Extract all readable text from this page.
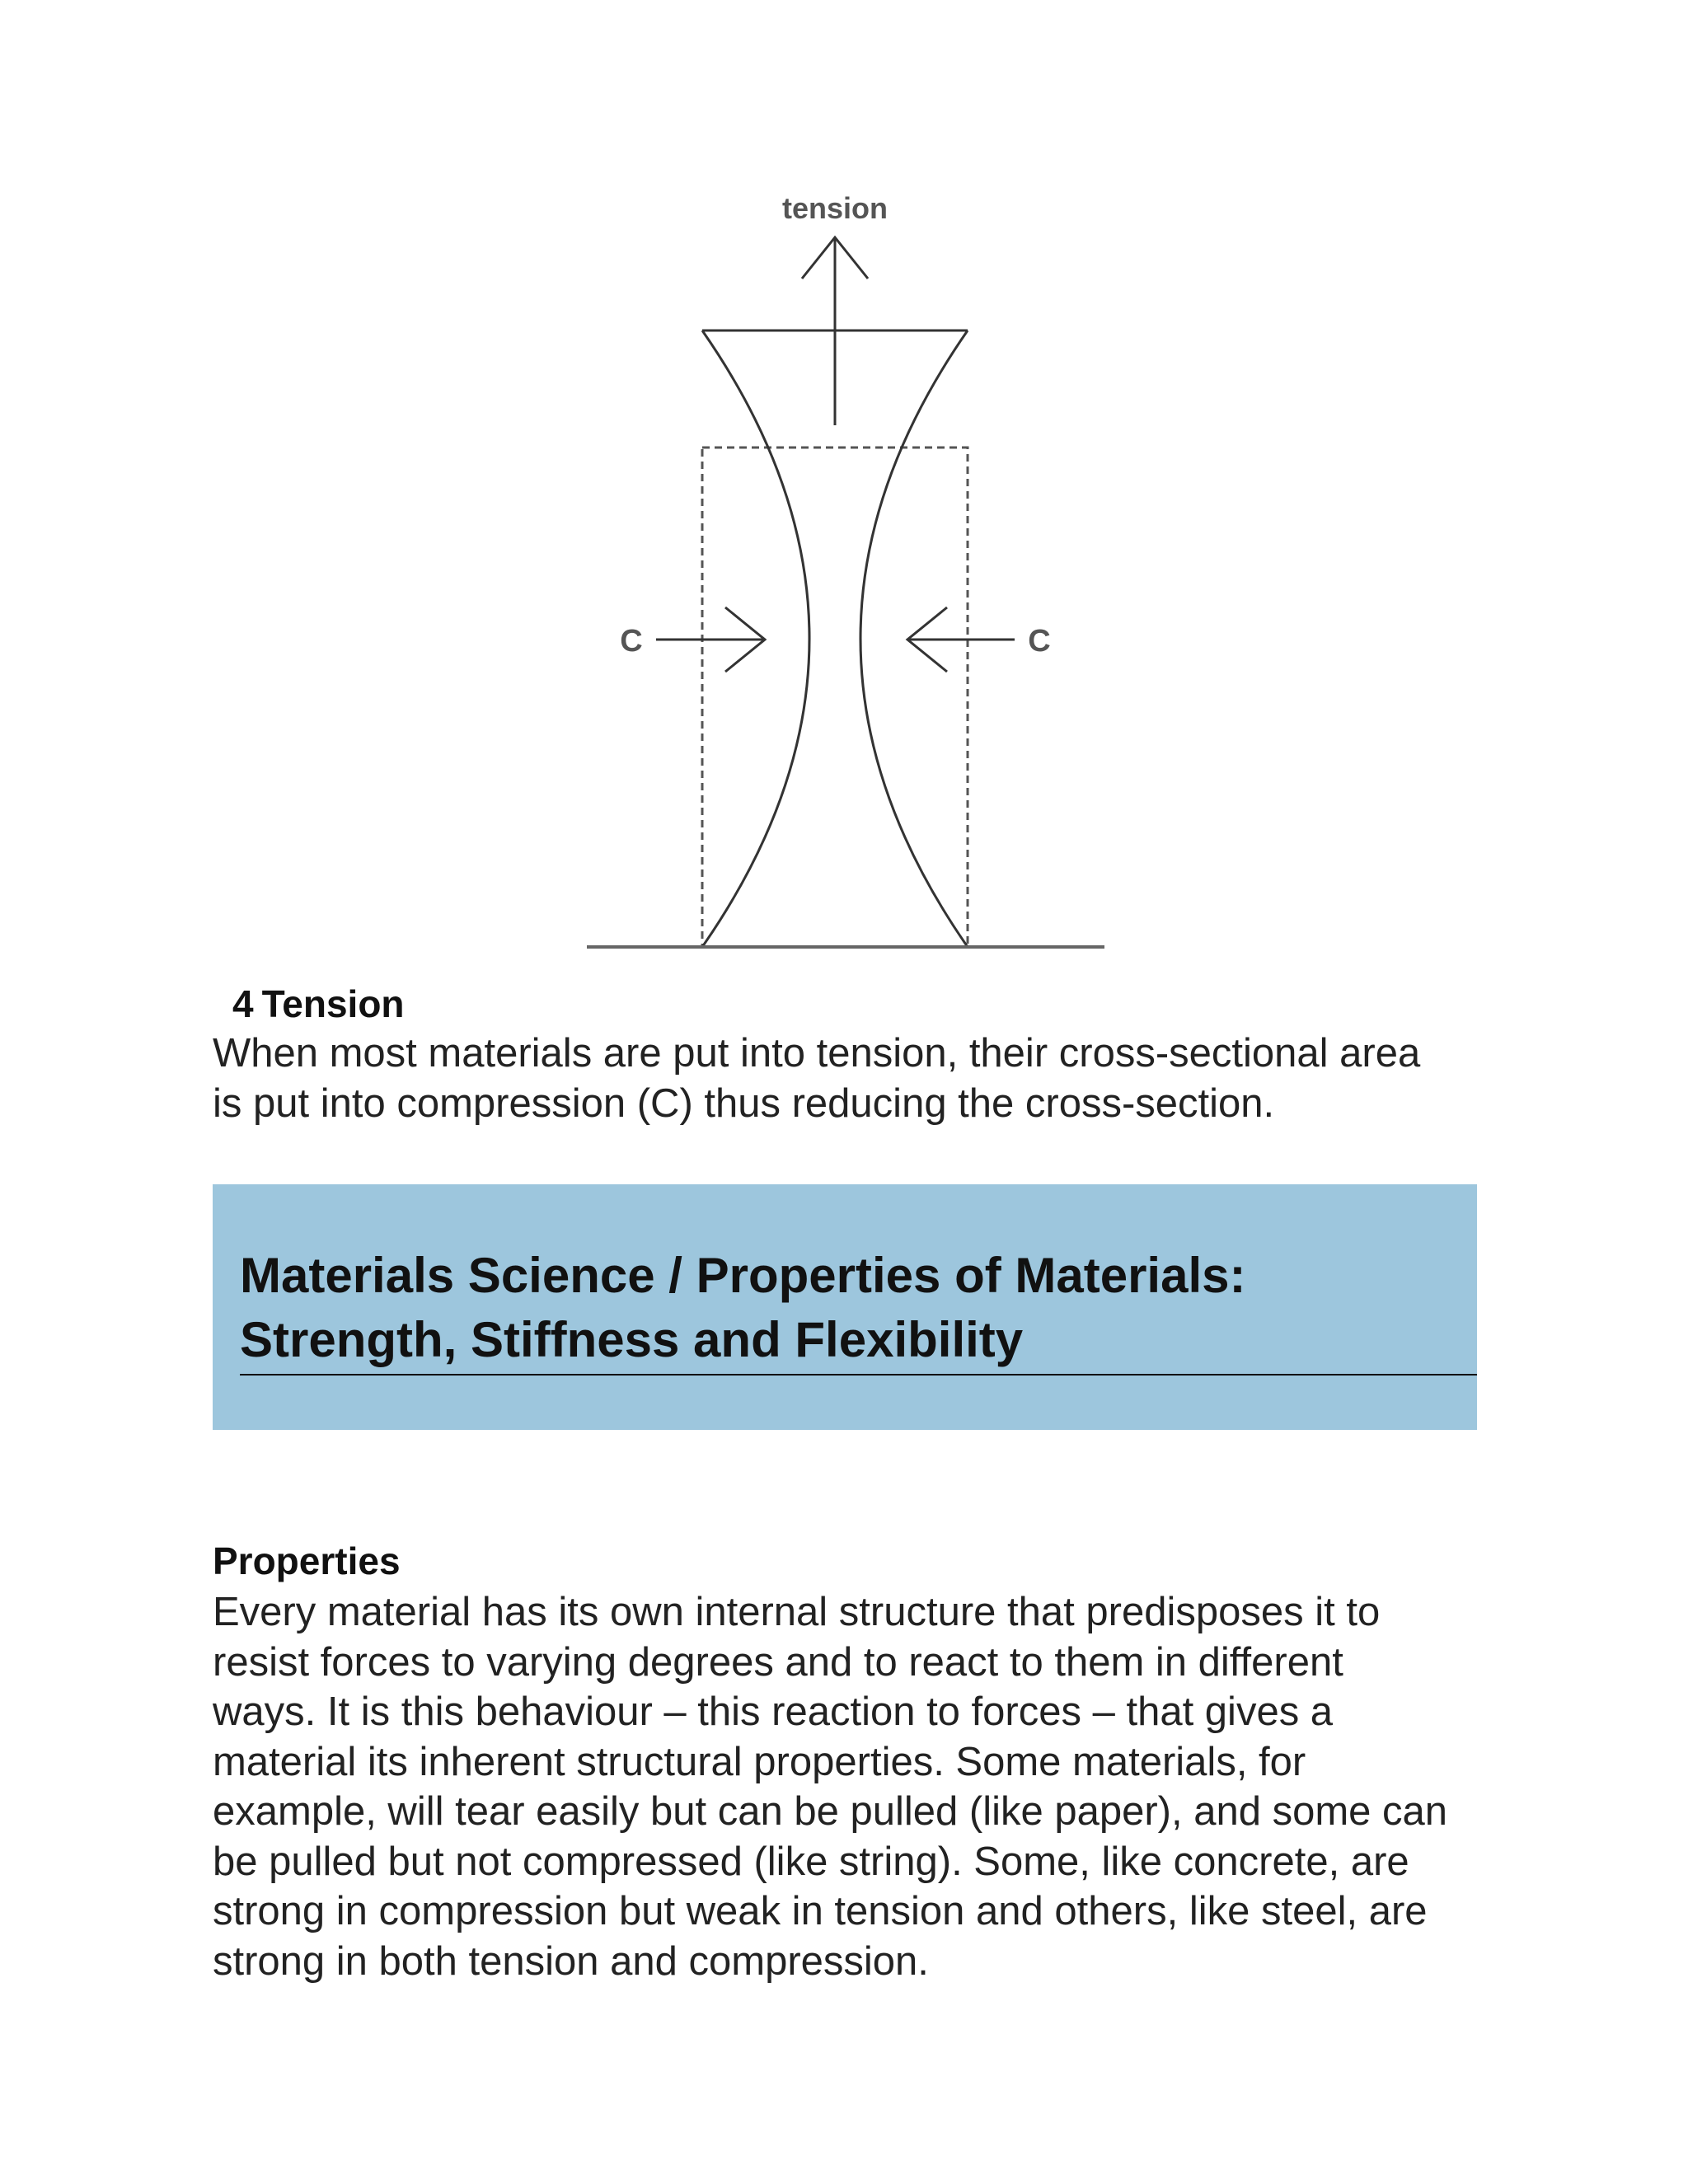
tension
C	C

4 Tension

When most materials are put into tension, their cross-sectional area
is put into compression (C) thus reducing the cross-section.

Materials Science / Properties of Materials:
Strength, Stiffness and Flexibility
Properties

Every material has its own internal structure that predisposes it to
resist forces to varying degrees and to react to them in different
ways. It is this behaviour – this reaction to forces – that gives a
material its inherent structural properties. Some materials, for
example, will tear easily but can be pulled (like paper), and some can
be pulled but not compressed (like string). Some, like concrete, are
strong in compression but weak in tension and others, like steel, are
strong in both tension and compression.
